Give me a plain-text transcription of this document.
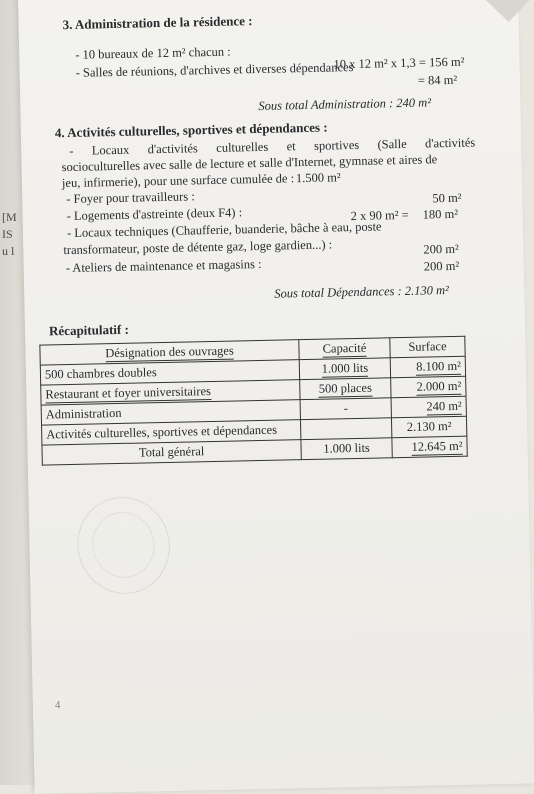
[M
IS
u l
3. Administration de la résidence :
- 10 bureaux de 12 m² chacun :
10 x 12 m² x 1,3 = 156 m²
- Salles de réunions, d'archives et diverses dépendances
= 84 m²
Sous total Administration : 240 m²
4. Activités culturelles, sportives et dépendances :
- Locaux d'activités culturelles et sportives (Salle d'activités
socioculturelles avec salle de lecture et salle d'Internet, gymnase et aires de
jeu, infirmerie), pour une surface cumulée de : 1.500 m²
- Foyer pour travailleurs :	50 m²
- Logements d'astreinte (deux F4) :	2 x 90 m² = 180 m²
- Locaux techniques (Chaufferie, buanderie, bâche à eau, poste
transformateur, poste de détente gaz, loge gardien...) :	200 m²
- Ateliers de maintenance et magasins :	200 m²
Sous total Dépendances : 2.130 m²
Récapitulatif :
Désignation des ouvrages	Capacité	Surface
500 chambres doubles	1.000 lits	8.100 m²
Restaurant et foyer universitaires	500 places	2.000 m²
Administration	-	240 m²
Activités culturelles, sportives et dépendances		2.130 m²
Total général	1.000 lits	12.645 m²
4
